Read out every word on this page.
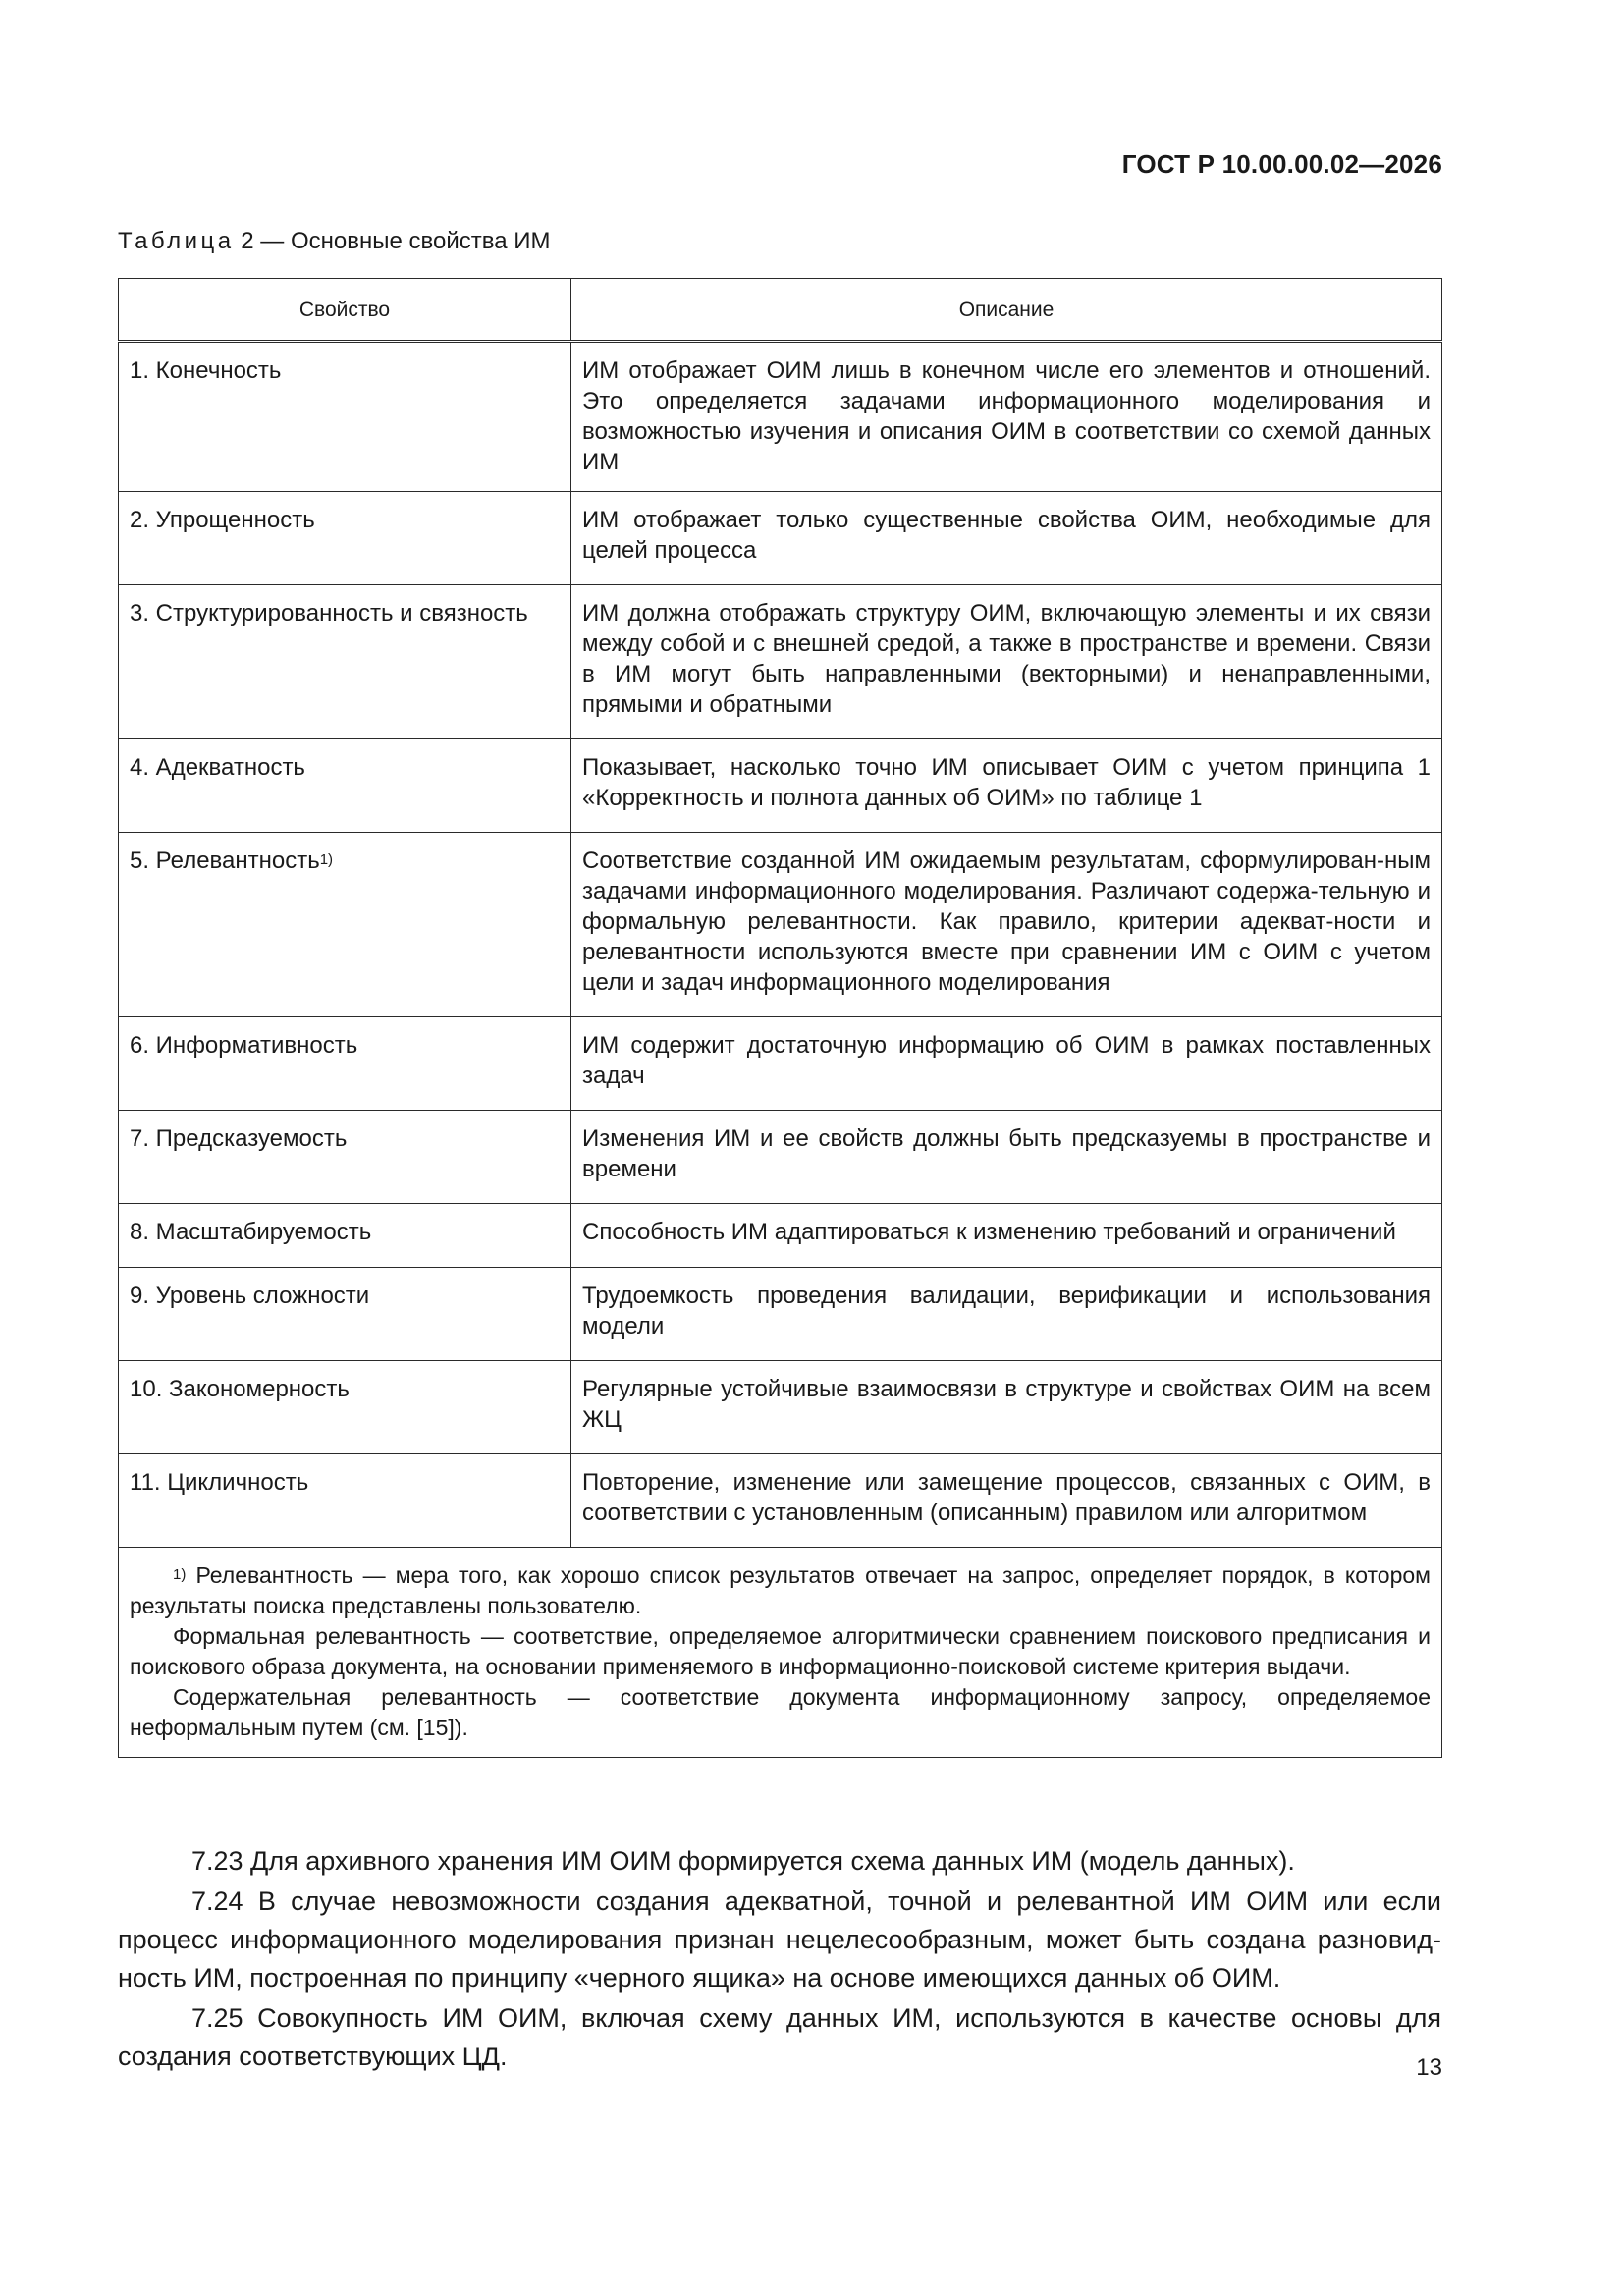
ГОСТ Р 10.00.00.02—2026
Таблица 2 — Основные свойства ИМ
Свойство	Описание
1. Конечность	ИМ отображает ОИМ лишь в конечном числе его элементов и отношений. Это определяется задачами информационного моделирования и возможностью изучения и описания ОИМ в соответствии со схемой данных ИМ
2. Упрощенность	ИМ отображает только существенные свойства ОИМ, необходимые для целей процесса
3. Структурированность и связность	ИМ должна отображать структуру ОИМ, включающую элементы и их связи между собой и с внешней средой, а также в пространстве и времени. Связи в ИМ могут быть направленными (векторными) и ненаправленными, прямыми и обратными
4. Адекватность	Показывает, насколько точно ИМ описывает ОИМ с учетом принципа 1 «Корректность и полнота данных об ОИМ» по таблице 1
5. Релевантность$^{1)}$	Соответствие созданной ИМ ожидаемым результатам, сформулирован-ным задачами информационного моделирования. Различают содержа-тельную и формальную релевантности. Как правило, критерии адекват-ности и релевантности используются вместе при сравнении ИМ с ОИМ с учетом цели и задач информационного моделирования
6. Информативность	ИМ содержит достаточную информацию об ОИМ в рамках поставленных задач
7. Предсказуемость	Изменения ИМ и ее свойств должны быть предсказуемы в пространстве и времени
8. Масштабируемость	Способность ИМ адаптироваться к изменению требований и ограничений
9. Уровень сложности	Трудоемкость проведения валидации, верификации и использования модели
10. Закономерность	Регулярные устойчивые взаимосвязи в структуре и свойствах ОИМ на всем ЖЦ
11. Цикличность	Повторение, изменение или замещение процессов, связанных с ОИМ, в соответствии с установленным (описанным) правилом или алгоритмом

$^{1)}$ Релевантность — мера того, как хорошо список результатов отвечает на запрос, определяет порядок, в котором результаты поиска представлены пользователю.

Формальная релевантность — соответствие, определяемое алгоритмически сравнением поискового предписания и поискового образа документа, на основании применяемого в информационно-поисковой системе критерия выдачи.

Содержательная релевантность — соответствие документа информационному запросу, определяемое неформальным путем (см. [15]).	

7.23 Для архивного хранения ИМ ОИМ формируется схема данных ИМ (модель данных).

7.24 В случае невозможности создания адекватной, точной и релевантной ИМ ОИМ или если процесс информационного моделирования признан нецелесообразным, может быть создана разновид-ность ИМ, построенная по принципу «черного ящика» на основе имеющихся данных об ОИМ.

7.25 Совокупность ИМ ОИМ, включая схему данных ИМ, используются в качестве основы для создания соответствующих ЦД.	13
